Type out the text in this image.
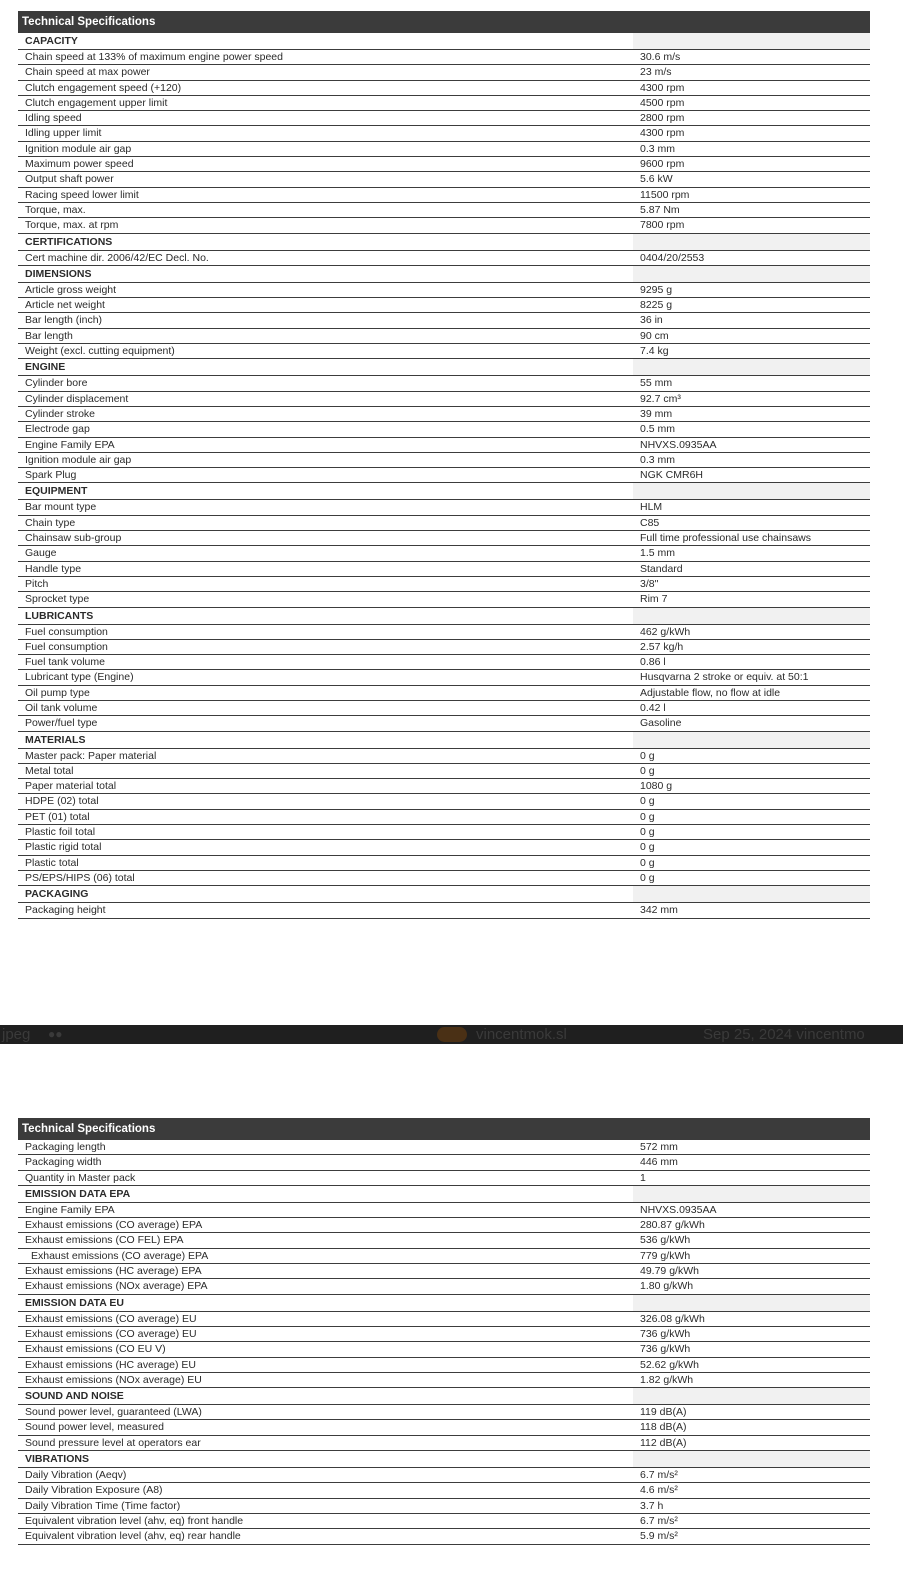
Technical Specifications
CAPACITY
Chain speed at 133% of maximum engine power speed	30.6 m/s
Chain speed at max power	23 m/s
Clutch engagement speed (+120)	4300 rpm
Clutch engagement upper limit	4500 rpm
Idling speed	2800 rpm
Idling upper limit	4300 rpm
Ignition module air gap	0.3 mm
Maximum power speed	9600 rpm
Output shaft power	5.6 kW
Racing speed lower limit	11500 rpm
Torque, max.	5.87 Nm
Torque, max. at rpm	7800 rpm
CERTIFICATIONS
Cert machine dir. 2006/42/EC Decl. No.	0404/20/2553
DIMENSIONS
Article gross weight	9295 g
Article net weight	8225 g
Bar length (inch)	36 in
Bar length	90 cm
Weight (excl. cutting equipment)	7.4 kg
ENGINE
Cylinder bore	55 mm
Cylinder displacement	92.7 cm³
Cylinder stroke	39 mm
Electrode gap	0.5 mm
Engine Family EPA	NHVXS.0935AA
Ignition module air gap	0.3 mm
Spark Plug	NGK CMR6H
EQUIPMENT
Bar mount type	HLM
Chain type	C85
Chainsaw sub-group	Full time professional use chainsaws
Gauge	1.5 mm
Handle type	Standard
Pitch	3/8"
Sprocket type	Rim 7
LUBRICANTS
Fuel consumption	462 g/kWh
Fuel consumption	2.57 kg/h
Fuel tank volume	0.86 l
Lubricant type (Engine)	Husqvarna 2 stroke or equiv. at 50:1
Oil pump type	Adjustable flow, no flow at idle
Oil tank volume	0.42 l
Power/fuel type	Gasoline
MATERIALS
Master pack: Paper material	0 g
Metal total	0 g
Paper material total	1080 g
HDPE (02) total	0 g
PET (01) total	0 g
Plastic foil total	0 g
Plastic rigid total	0 g
Plastic total	0 g
PS/EPS/HIPS (06) total	0 g
PACKAGING
Packaging height	342 mm
jpeg ●●	vincentmok.sl	Sep 25, 2024 vincentmo
Technical Specifications
Packaging length	572 mm
Packaging width	446 mm
Quantity in Master pack	1
EMISSION DATA EPA
Engine Family EPA	NHVXS.0935AA
Exhaust emissions (CO average) EPA	280.87 g/kWh
Exhaust emissions (CO FEL) EPA	536 g/kWh
Exhaust emissions (CO average) EPA	779 g/kWh
Exhaust emissions (HC average) EPA	49.79 g/kWh
Exhaust emissions (NOx average) EPA	1.80 g/kWh
EMISSION DATA EU
Exhaust emissions (CO average) EU	326.08 g/kWh
Exhaust emissions (CO average) EU	736 g/kWh
Exhaust emissions (CO EU V)	736 g/kWh
Exhaust emissions (HC average) EU	52.62 g/kWh
Exhaust emissions (NOx average) EU	1.82 g/kWh
SOUND AND NOISE
Sound power level, guaranteed (LWA)	119 dB(A)
Sound power level, measured	118 dB(A)
Sound pressure level at operators ear	112 dB(A)
VIBRATIONS
Daily Vibration (Aeqv)	6.7 m/s²
Daily Vibration Exposure (A8)	4.6 m/s²
Daily Vibration Time (Time factor)	3.7 h
Equivalent vibration level (ahv, eq) front handle	6.7 m/s²
Equivalent vibration level (ahv, eq) rear handle	5.9 m/s²
